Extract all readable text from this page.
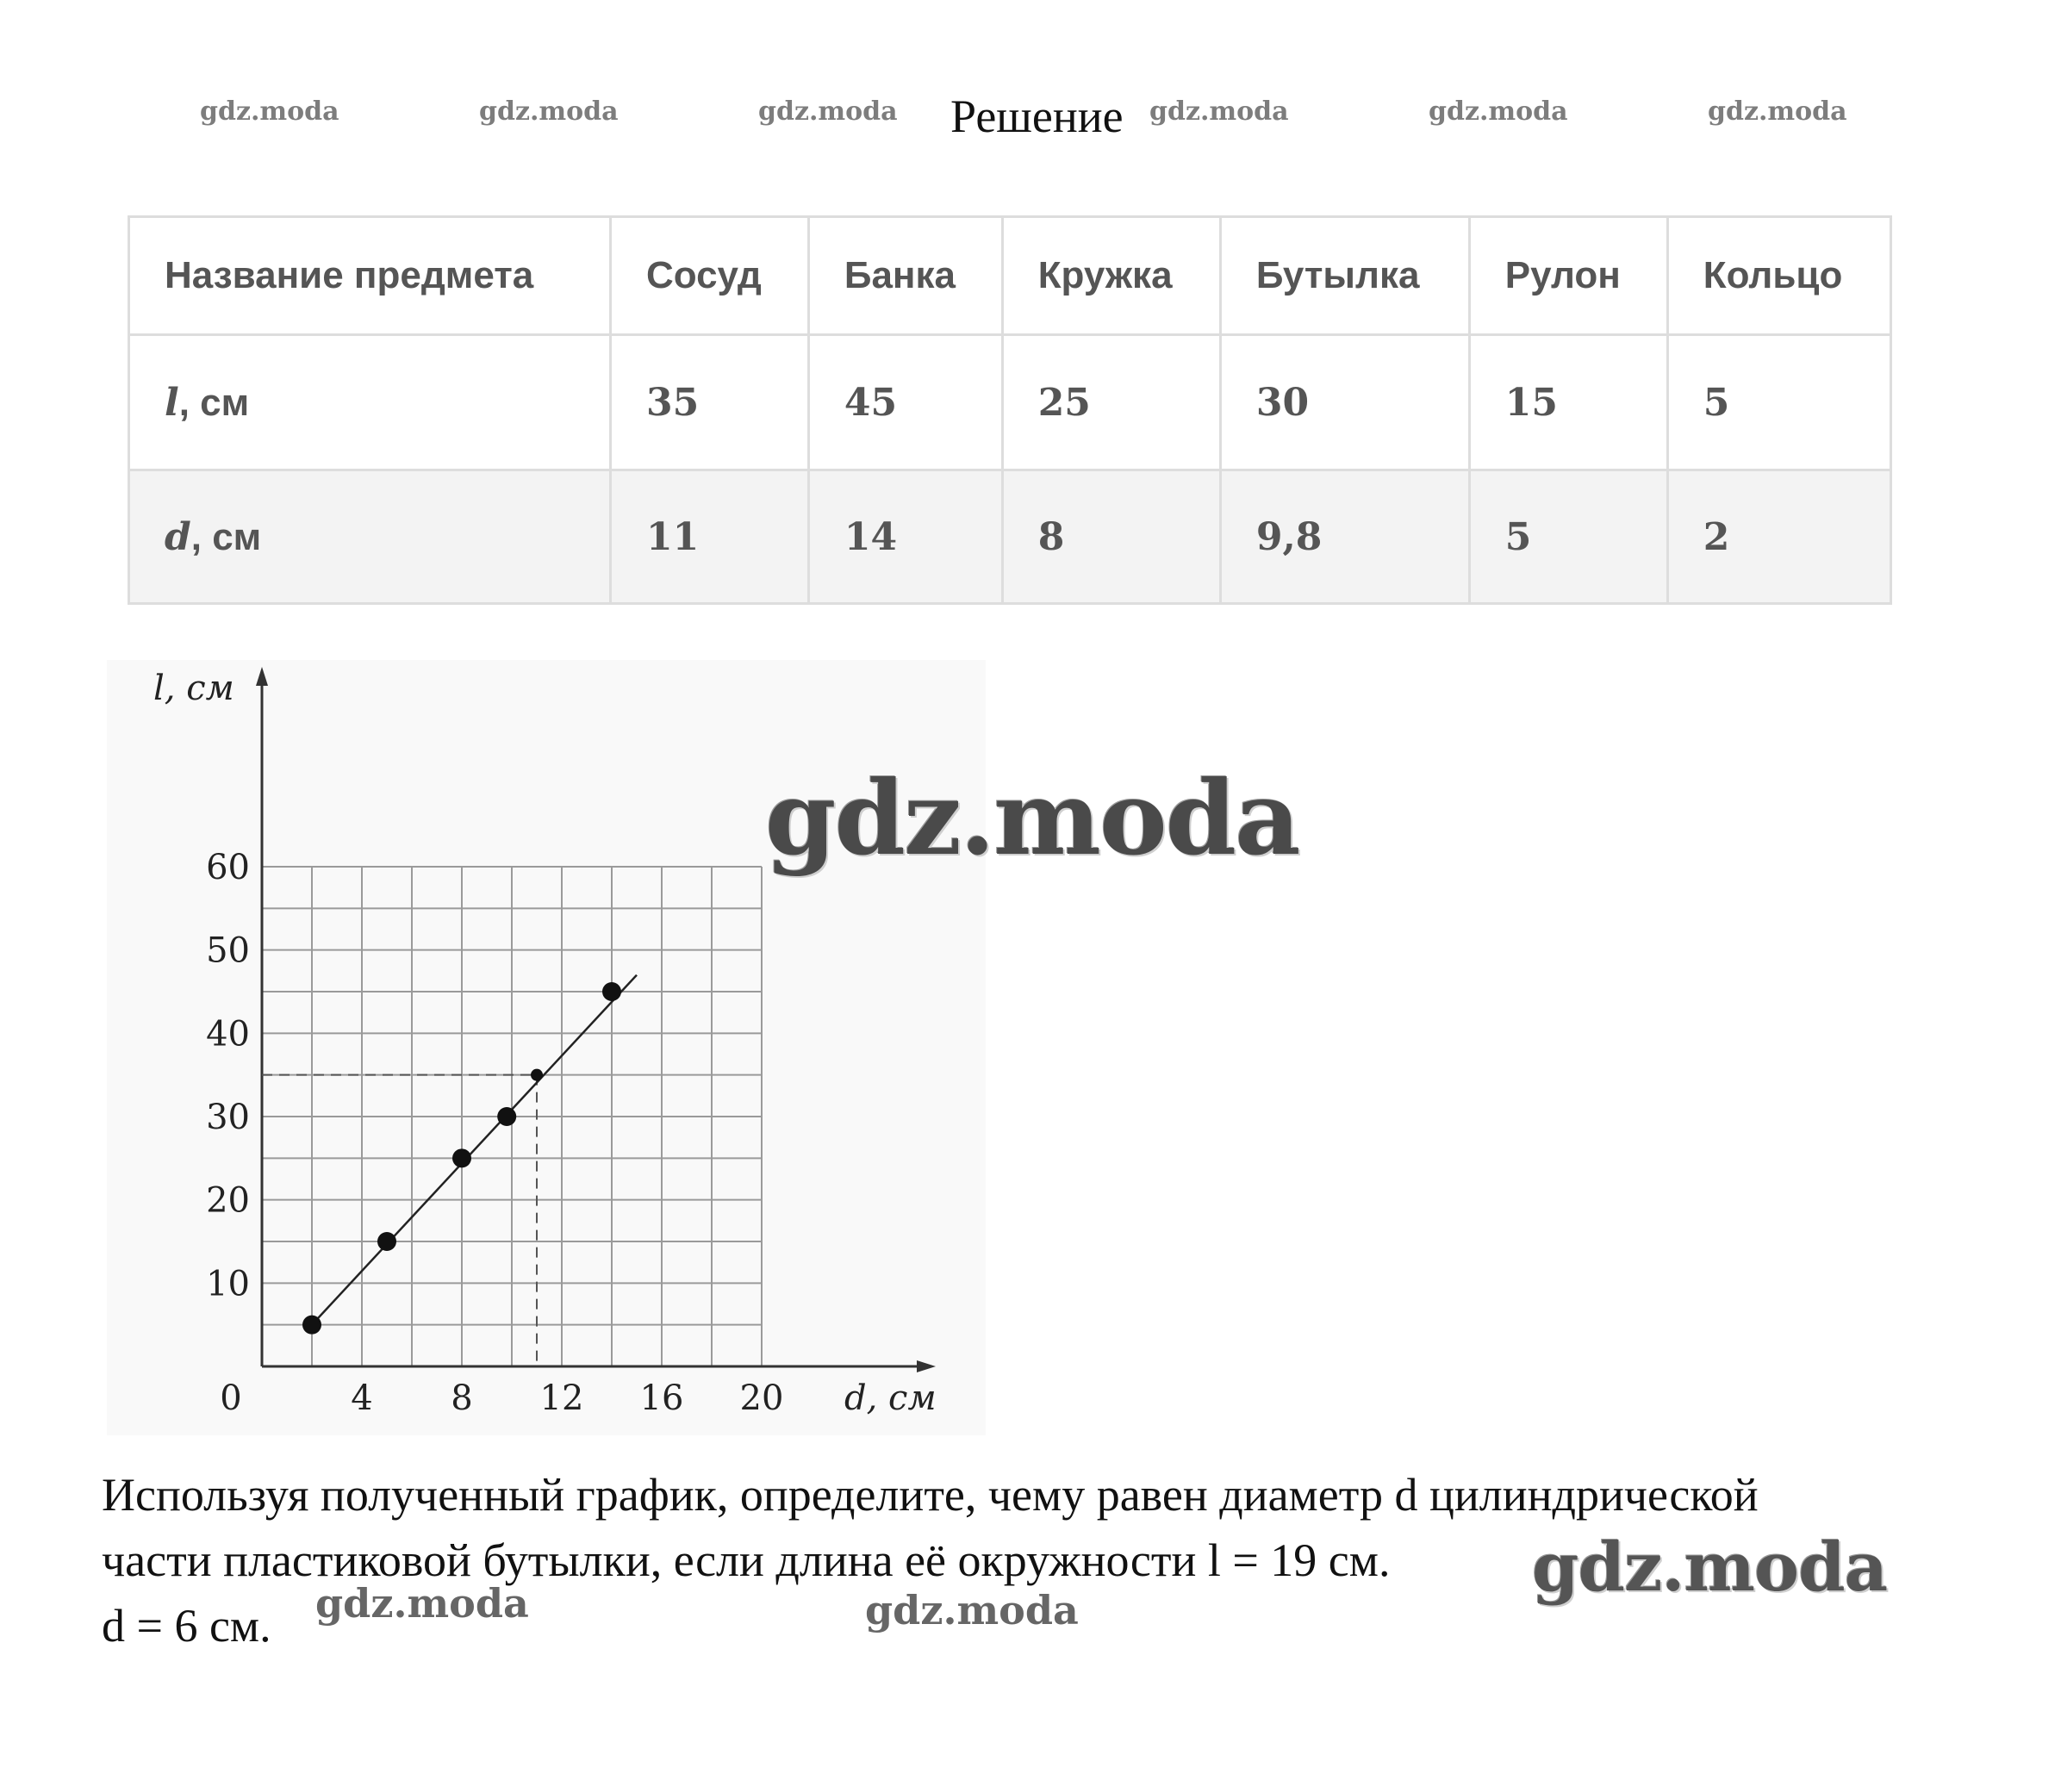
gdz.moda	gdz.moda	gdz.moda	gdz.moda	gdz.moda	gdz.moda
Решение
Название предмета	Сосуд	Банка	Кружка	Бутылка	Рулон	Кольцо
l, см	35	45	25	30	15	5
d, см	11	14	8	9,8	5	2
0	4 8 12 16 20
10
20
30
40
50
60
d, см
l, см
gdz.moda
Используя полученный график, определите, чему равен диаметр d цилиндрической
части пластиковой бутылки, если длина её окружности l = 19 см.
d = 6 см. gdz.moda	gdz.moda
gdz.moda
